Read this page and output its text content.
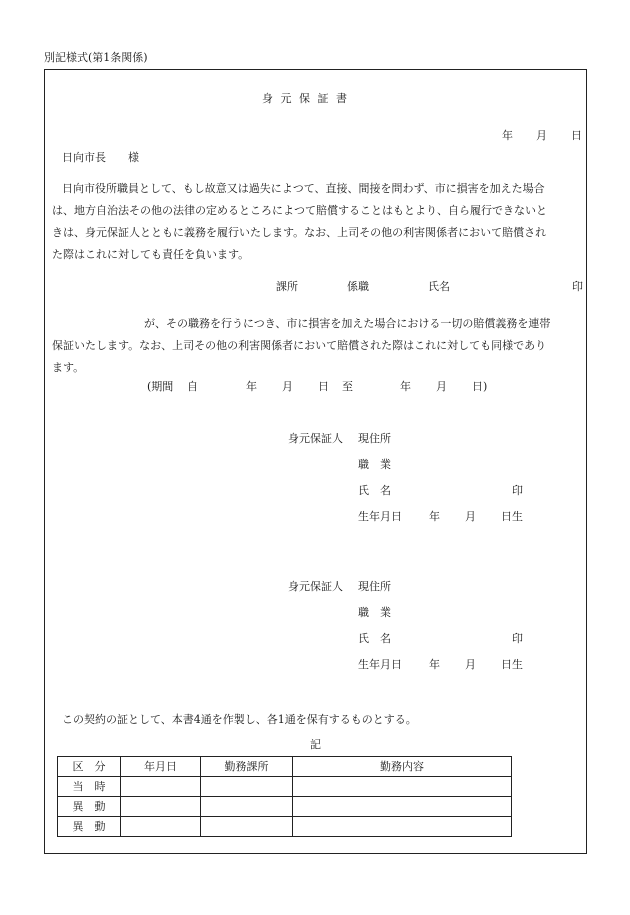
別記様式(第1条関係)
身 元 保 証 書
年 月 日
日向市長　　様
日向市役所職員として、もし故意又は過失によつて、直接、間接を問わず、市に損害を加えた場合
は、地方自治法その他の法律の定めるところによつて賠償することはもとより、自ら履行できないと
きは、身元保証人とともに義務を履行いたします。なお、上司その他の利害関係者において賠償され
た際はこれに対しても責任を負います。
課所	係職	氏名	印
が、その職務を行うにつき、市に損害を加えた場合における一切の賠償義務を連帯
保証いたします。なお、上司その他の利害関係者において賠償された際はこれに対しても同様であり
ます。
(期間 自	年 月 日 至	年 月 日)
身元保証人 現住所
職　業
氏　名	印
生年月日 年 月 日生
身元保証人 現住所
職　業
氏　名	印
生年月日 年 月 日生
この契約の証として、本書4通を作製し、各1通を保有するものとする。
記
区　分	年月日	勤務課所	勤務内容
当　時			
異　動			
異　動			
